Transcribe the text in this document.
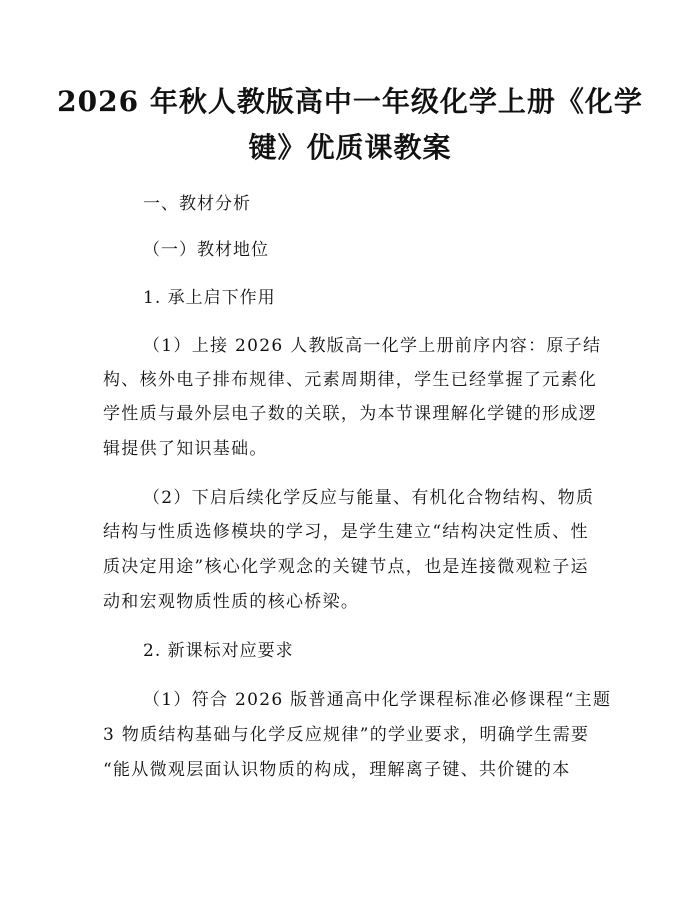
2026 年秋人教版高中一年级化学上册《化学
键》优质课教案
一、教材分析
（一）教材地位
1. 承上启下作用
（1）上接 2026 人教版高一化学上册前序内容：原子结
构、核外电子排布规律、元素周期律，学生已经掌握了元素化
学性质与最外层电子数的关联，为本节课理解化学键的形成逻
辑提供了知识基础。
（2）下启后续化学反应与能量、有机化合物结构、物质
结构与性质选修模块的学习，是学生建立“结构决定性质、性
质决定用途”核心化学观念的关键节点，也是连接微观粒子运
动和宏观物质性质的核心桥梁。
2. 新课标对应要求
（1）符合 2026 版普通高中化学课程标准必修课程“主题
3 物质结构基础与化学反应规律”的学业要求，明确学生需要
“能从微观层面认识物质的构成，理解离子键、共价键的本
